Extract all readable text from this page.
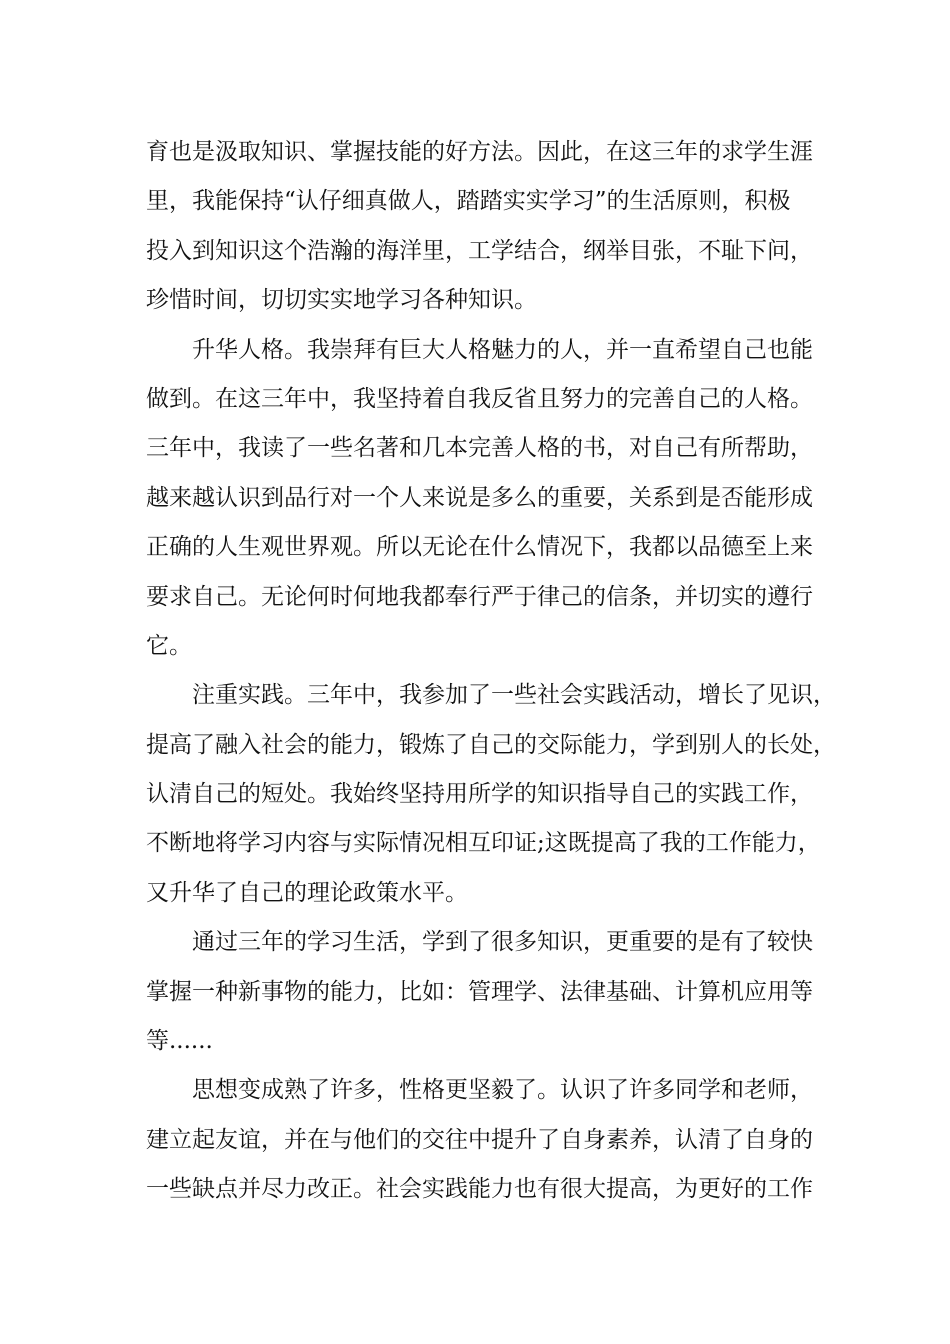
育也是汲取知识、掌握技能的好方法。因此，在这三年的求学生涯
里，我能保持“认仔细真做人，踏踏实实学习”的生活原则，积极
投入到知识这个浩瀚的海洋里，工学结合，纲举目张，不耻下问，
珍惜时间，切切实实地学习各种知识。

升华人格。我崇拜有巨大人格魅力的人，并一直希望自己也能
做到。在这三年中，我坚持着自我反省且努力的完善自己的人格。
三年中，我读了一些名著和几本完善人格的书，对自己有所帮助，
越来越认识到品行对一个人来说是多么的重要，关系到是否能形成
正确的人生观世界观。所以无论在什么情况下，我都以品德至上来
要求自己。无论何时何地我都奉行严于律己的信条，并切实的遵行
它。

注重实践。三年中，我参加了一些社会实践活动，增长了见识，
提高了融入社会的能力，锻炼了自己的交际能力，学到别人的长处，
认清自己的短处。我始终坚持用所学的知识指导自己的实践工作，
不断地将学习内容与实际情况相互印证;这既提高了我的工作能力，
又升华了自己的理论政策水平。

通过三年的学习生活，学到了很多知识，更重要的是有了较快
掌握一种新事物的能力，比如：管理学、法律基础、计算机应用等
等......

思想变成熟了许多，性格更坚毅了。认识了许多同学和老师，
建立起友谊，并在与他们的交往中提升了自身素养，认清了自身的
一些缺点并尽力改正。社会实践能力也有很大提高，为更好的工作
